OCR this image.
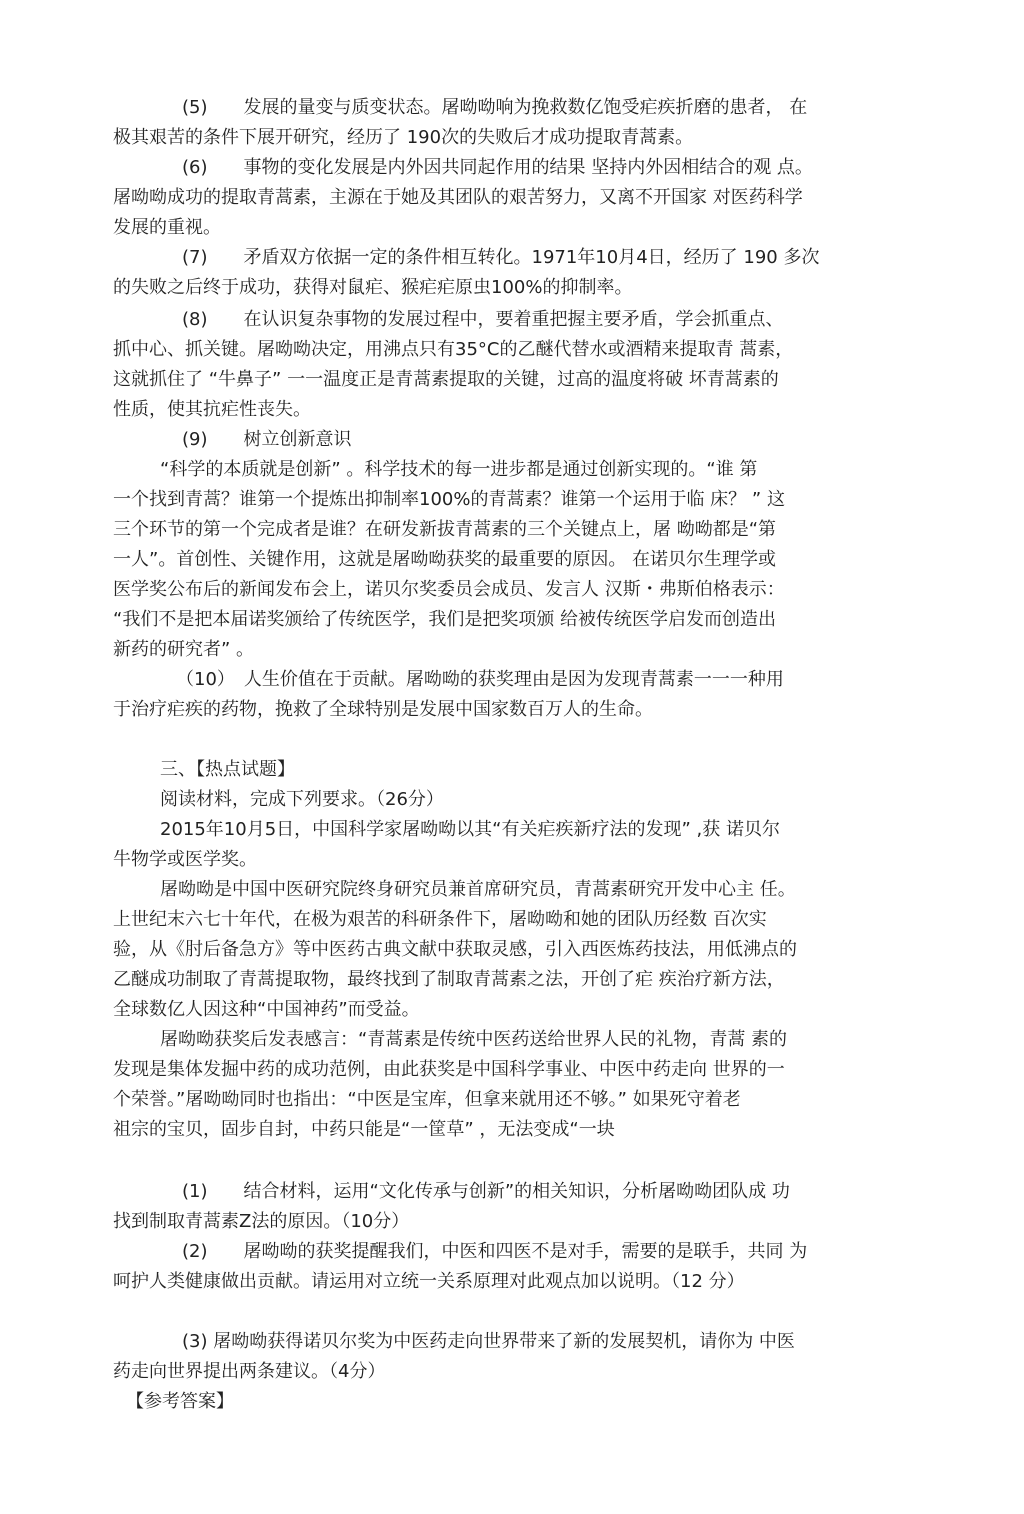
(5)　　发展的量变与质变状态。屠呦呦响为挽救数亿饱受疟疾折磨的患者， 在
极其艰苦的条件下展开研究，经历了 190次的失败后才成功提取青蒿素。
(6)　　事物的变化发展是内外因共同起作用的结果 坚持内外因相结合的观 点。
屠呦呦成功的提取青蒿素，主源在于她及其团队的艰苦努力，又离不开国家 对医药科学
发展的重视。
(7)　　矛盾双方依据一定的条件相互转化。1971年10月4日，经历了 190 多次
的失败之后终于成功，获得对鼠疟、猴疟疟原虫100%的抑制率。
(8)　　在认识复杂事物的发展过程中，要着重把握主要矛盾，学会抓重点、
抓中心、抓关键。屠呦呦决定，用沸点只有35°C的乙醚代替水或酒精来提取青 蒿素，
这就抓住了 “牛鼻子” 一一温度正是青蒿素提取的关键，过高的温度将破 坏青蒿素的
性质，使其抗疟性丧失。
(9)　　树立创新意识
“科学的本质就是创新” 。科学技术的每一进步都是通过创新实现的。“谁 第
一个找到青蒿？谁第一个提炼出抑制率100%的青蒿素？谁第一个运用于临 床？ ” 这
三个环节的第一个完成者是谁？在研发新拔青蒿素的三个关键点上，屠 呦呦都是“第
一人”。首创性、关键作用，这就是屠呦呦获奖的最重要的原因。 在诺贝尔生理学或
医学奖公布后的新闻发布会上，诺贝尔奖委员会成员、发言人 汉斯・弗斯伯格表示：
“我们不是把本届诺奖颁给了传统医学，我们是把奖项颁 给被传统医学启发而创造出
新药的研究者” 。
（10）　人生价值在于贡献。屠呦呦的获奖理由是因为发现青蒿素一一一种用
于治疗疟疾的药物，挽救了全球特别是发展中国家数百万人的生命。
三、【热点试题】
阅读材料，完成下列要求。（26分）
2015年10月5日，中国科学家屠呦呦以其“有关疟疾新疗法的发现” ,获 诺贝尔
牛物学或医学奖。
屠呦呦是中国中医研究院终身研究员兼首席研究员，青蒿素研究开发中心主 任。
上世纪末六七十年代，在极为艰苦的科研条件下，屠呦呦和她的团队历经数 百次实
验，从《肘后备急方》等中医药古典文献中获取灵感，引入西医炼药技法，用低沸点的
乙醚成功制取了青蒿提取物，最终找到了制取青蒿素之法，开创了疟 疾治疗新方法，
全球数亿人因这种“中国神药”而受益。
屠呦呦获奖后发表感言：“青蒿素是传统中医药送给世界人民的礼物，青蒿 素的
发现是集体发掘中药的成功范例，由此获奖是中国科学事业、中医中药走向 世界的一
个荣誉。”屠呦呦同时也指出：“中医是宝库，但拿来就用还不够。” 如果死守着老
祖宗的宝贝，固步自封，中药只能是“一筐草” ，无法变成“一块
(1)　　结合材料，运用“文化传承与创新”的相关知识，分析屠呦呦团队成 功
找到制取青蒿素Z法的原因。（10分）
(2)　　屠呦呦的获奖提醒我们，中医和四医不是对手，需要的是联手，共同 为
呵护人类健康做出贡献。请运用对立统一关系原理对此观点加以说明。（12 分）
(3) 屠呦呦获得诺贝尔奖为中医药走向世界带来了新的发展契机，请你为 中医
药走向世界提出两条建议。（4分）
【参考答案】
